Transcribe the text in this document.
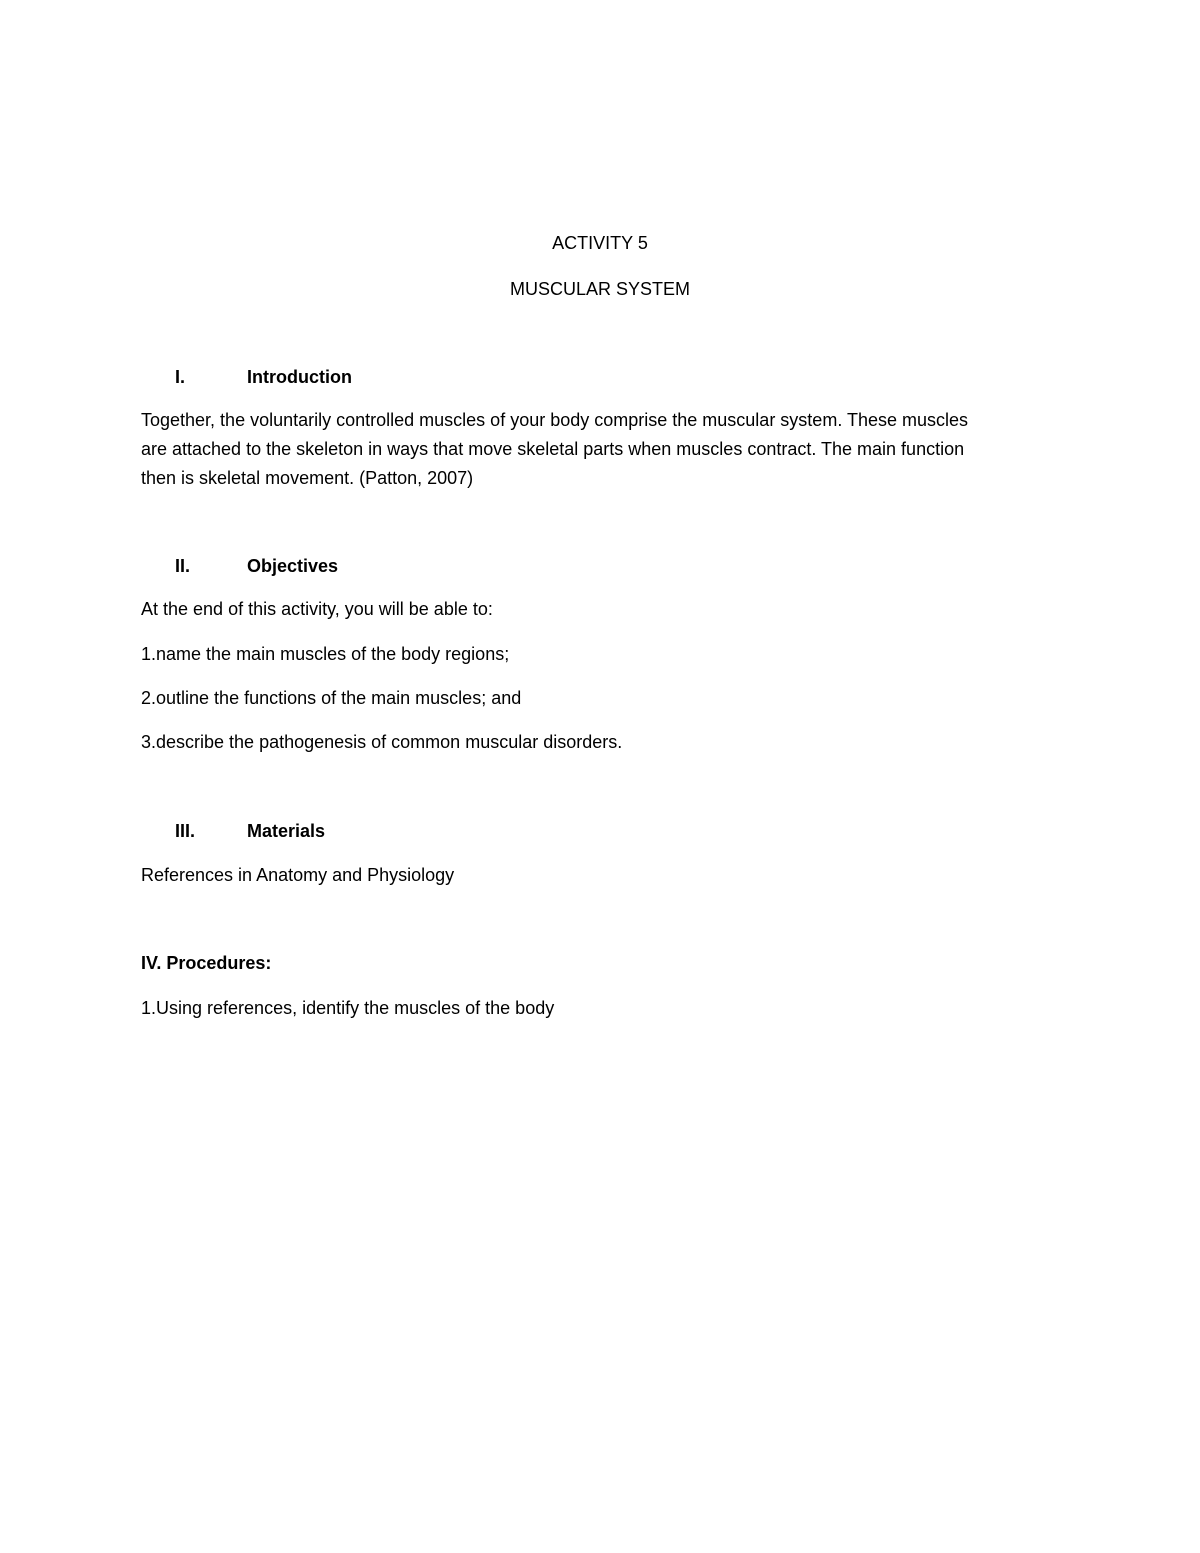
ACTIVITY 5
MUSCULAR SYSTEM
I.	Introduction
Together, the voluntarily controlled muscles of your body comprise the muscular system. These muscles
are attached to the skeleton in ways that move skeletal parts when muscles contract. The main function
then is skeletal movement. (Patton, 2007)
II.	Objectives
At the end of this activity, you will be able to:
1.name the main muscles of the body regions;
2.outline the functions of the main muscles; and
3.describe the pathogenesis of common muscular disorders.
III.	Materials
References in Anatomy and Physiology
IV. Procedures:
1.Using references, identify the muscles of the body
